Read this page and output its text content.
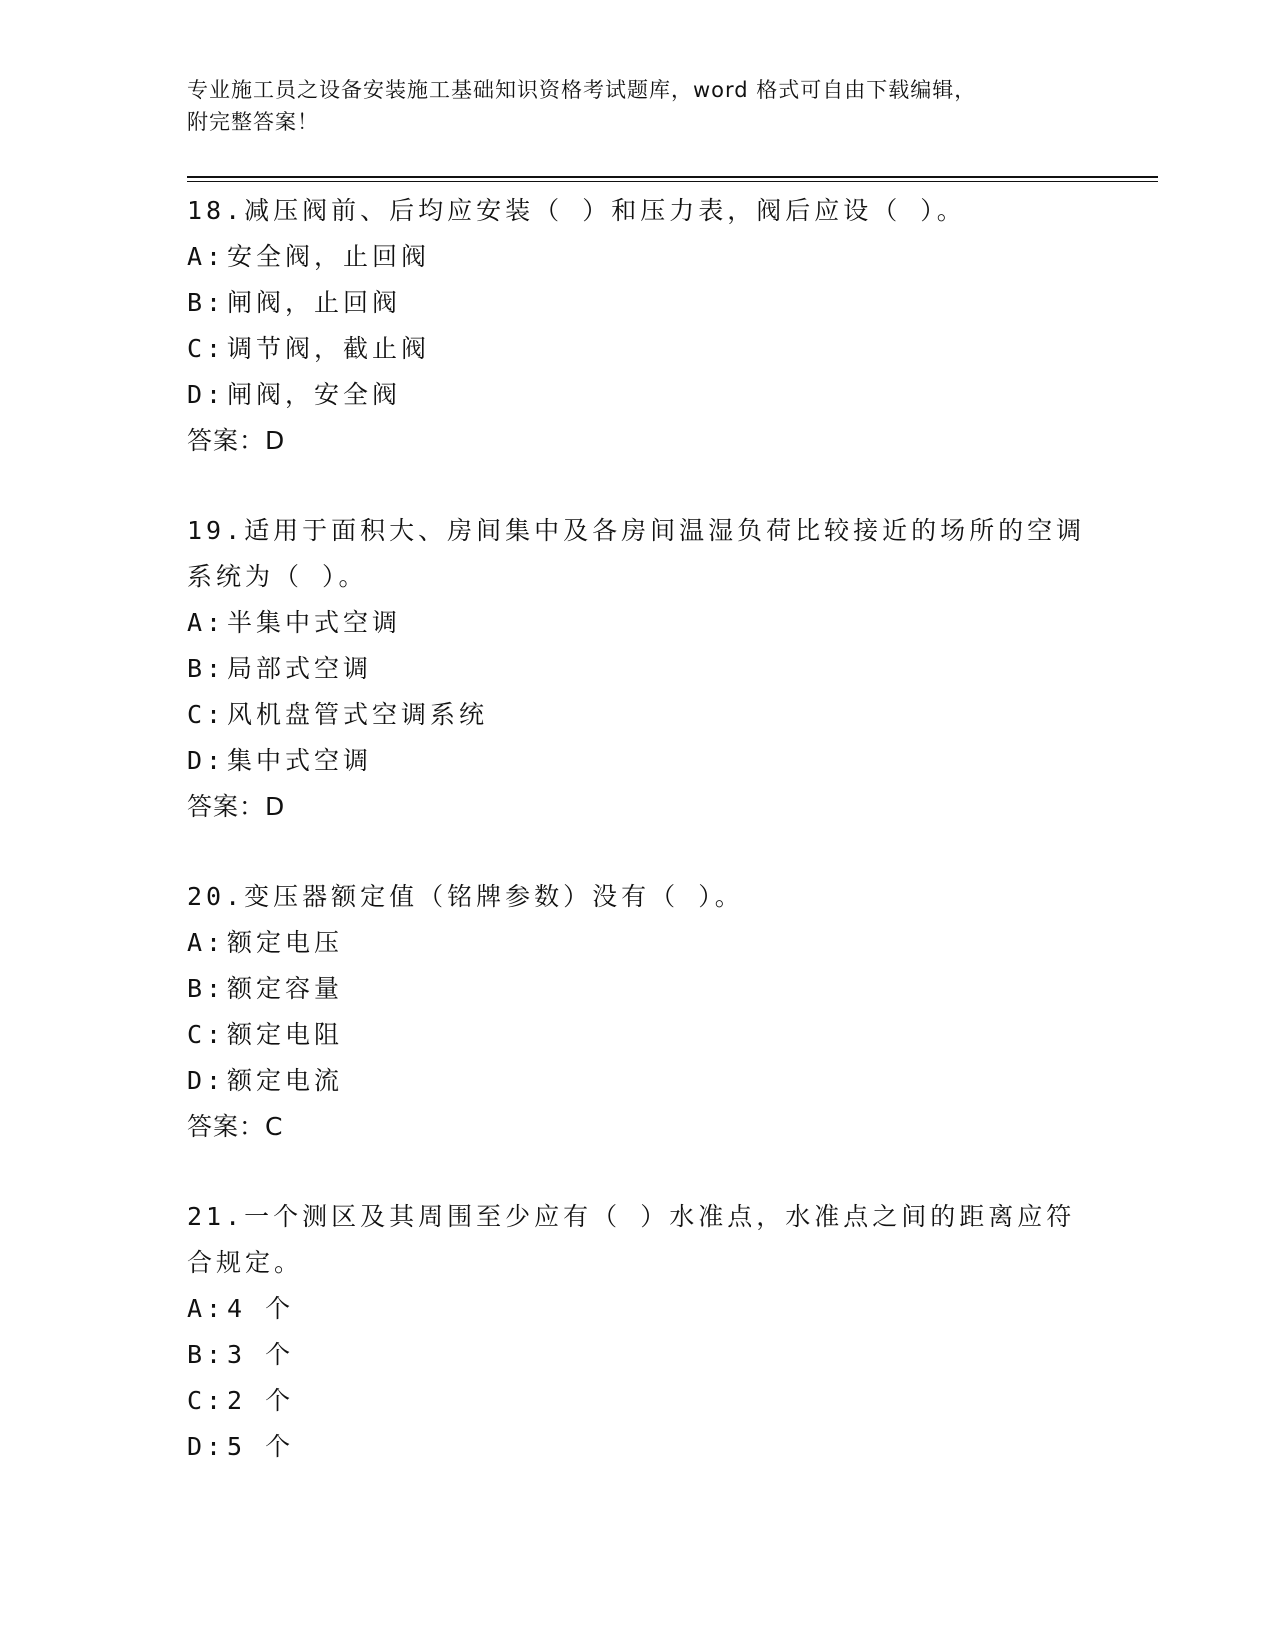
专业施工员之设备安装施工基础知识资格考试题库，word 格式可自由下载编辑，
附完整答案！
18.减压阀前、后均应安装（ ）和压力表，阀后应设（ ）。
A:安全阀，止回阀
B:闸阀，止回阀
C:调节阀，截止阀
D:闸阀，安全阀
答案：D
19.适用于面积大、房间集中及各房间温湿负荷比较接近的场所的空调
系统为（ ）。
A:半集中式空调
B:局部式空调
C:风机盘管式空调系统
D:集中式空调
答案：D
20.变压器额定值（铭牌参数）没有（ ）。
A:额定电压
B:额定容量
C:额定电阻
D:额定电流
答案：C
21.一个测区及其周围至少应有（ ）水准点，水准点之间的距离应符
合规定。
A:4 个
B:3 个
C:2 个
D:5 个
